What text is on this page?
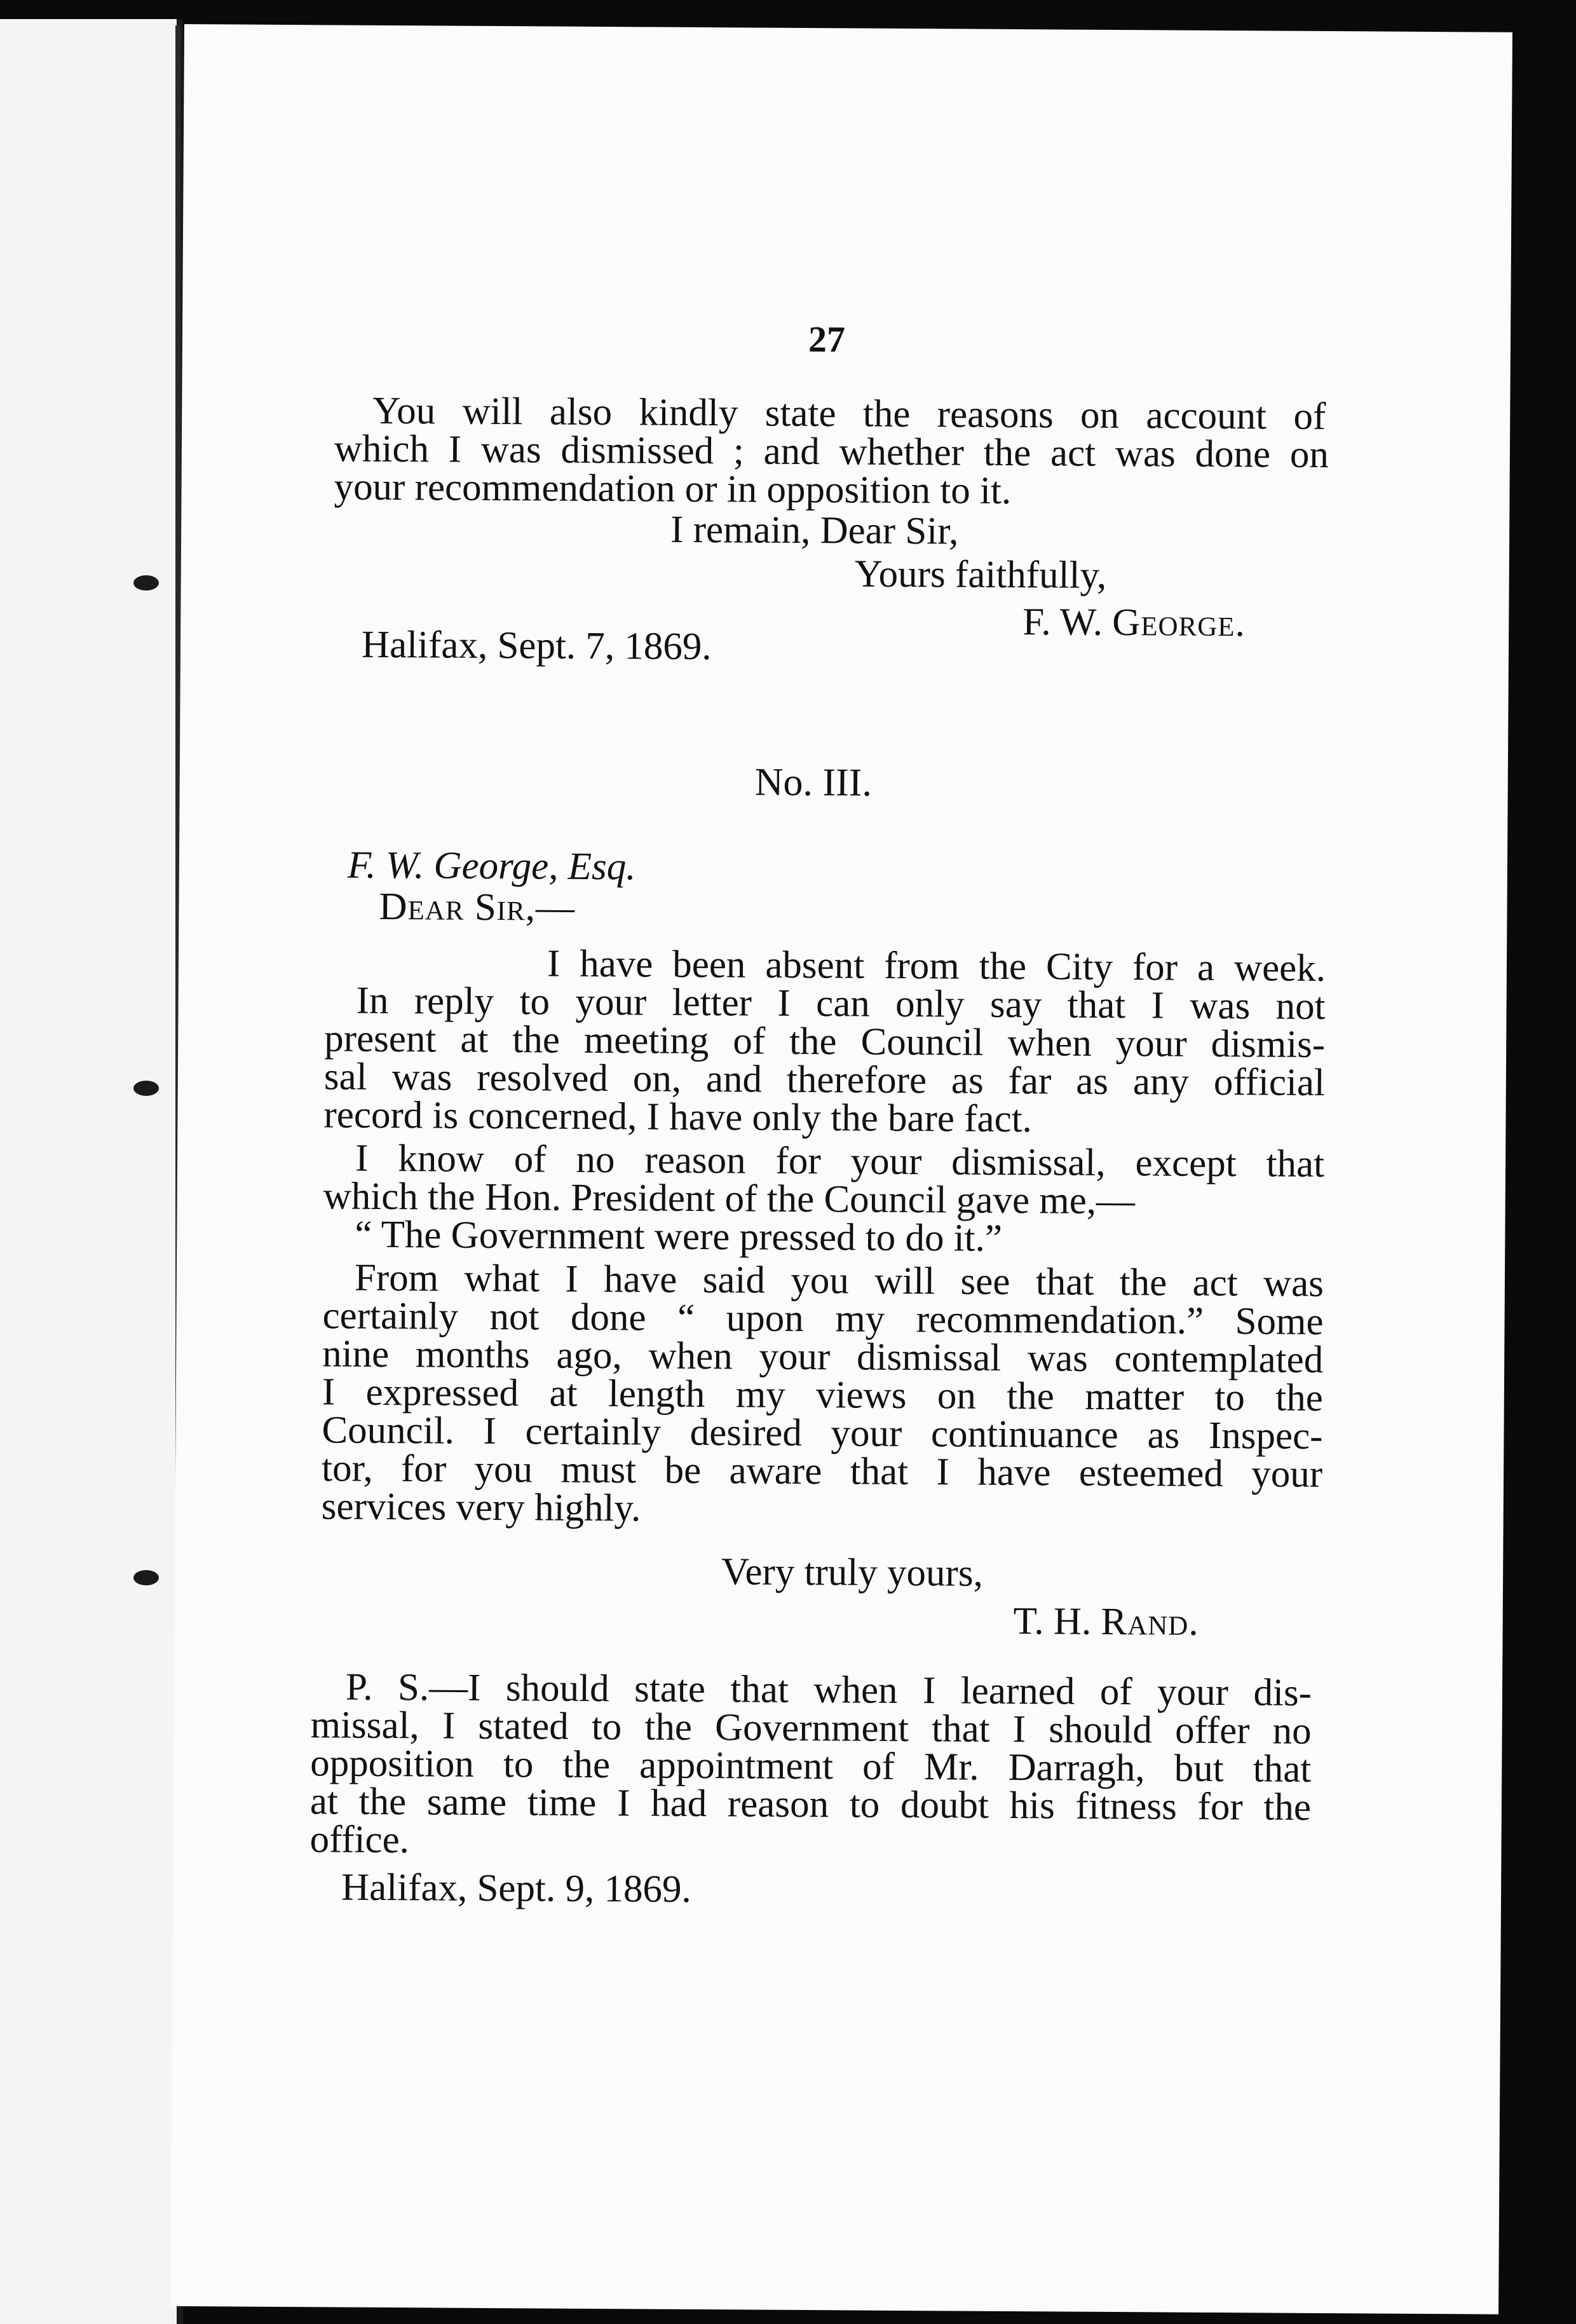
27
You will also kindly state the reasons on account of
which I was dismissed ; and whether the act was done on
your recommendation or in opposition to it.
I remain, Dear Sir,
Yours faithfully,
F. W. George.
Halifax, Sept. 7, 1869.
No. III.
F. W. George, Esq.
Dear Sir,—
I have been absent from the City for a week.
In reply to your letter I can only say that I was not
present at the meeting of the Council when your dismis-
sal was resolved on, and therefore as far as any official
record is concerned, I have only the bare fact.
I know of no reason for your dismissal, except that
which the Hon. President of the Council gave me,—
“ The Government were pressed to do it.”
From what I have said you will see that the act was
certainly not done “ upon my recommendation.” Some
nine months ago, when your dismissal was contemplated
I expressed at length my views on the matter to the
Council. I certainly desired your continuance as Inspec-
tor, for you must be aware that I have esteemed your
services very highly.
Very truly yours,
T. H. Rand.
P. S.—I should state that when I learned of your dis-
missal, I stated to the Government that I should offer no
opposition to the appointment of Mr. Darragh, but that
at the same time I had reason to doubt his fitness for the
office.
Halifax, Sept. 9, 1869.
